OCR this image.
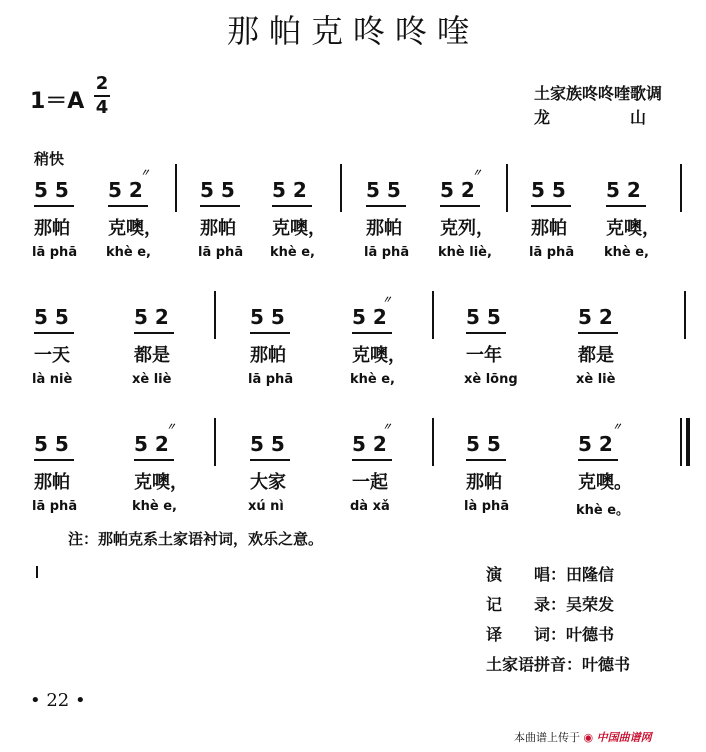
那帕克咚咚喹
1＝A
2
4
土家族咚咚喹歌调
龙　　　　　山
稍快
5 5
那帕
lā phā
5 2
克噢，
khè e,
〃
5 5
那帕
lā phā
5 2
克噢，
khè e,
5 5
那帕
lā phā
5 2
克列，
khè liè,
〃
5 5
那帕
lā phā
5 2
克噢，
khè e,
5 5
一天
là niè
5 2
都是
xè liè
5 5
那帕
lā phā
5 2
克噢，
khè e,
〃
5 5
一年
xè lōng
5 2
都是
xè liè
5 5
那帕
lā phā
5 2
克噢，
khè e,
〃
5 5
大家
xú nì
5 2
一起
dà xǎ
〃
5 5
那帕
là phā
5 2
克噢。
khè e。
〃
注：那帕克系土家语衬词，欢乐之意。
演　　唱：田隆信
记　　录：吴荣发
译　　词：叶德书
土家语拼音：叶德书
• 22 •
本曲谱上传于 ◉ 中国曲谱网
